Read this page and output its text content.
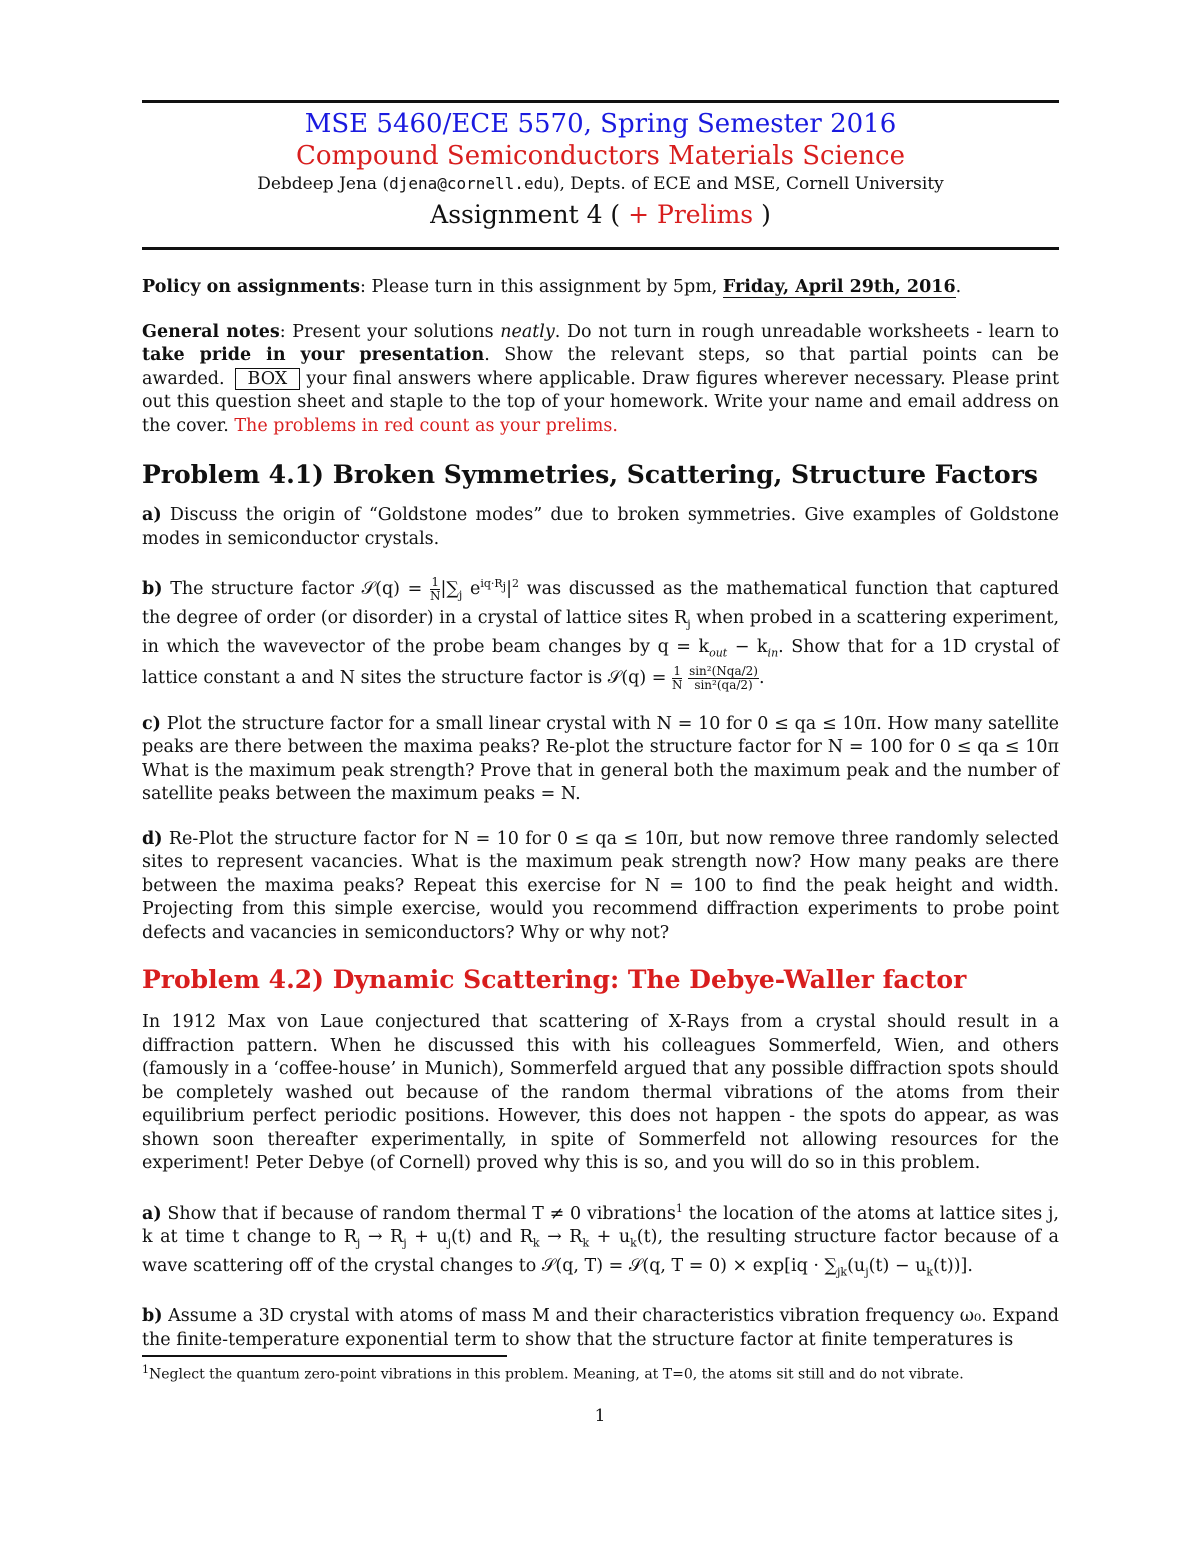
MSE 5460/ECE 5570, Spring Semester 2016
Compound Semiconductors Materials Science
Debdeep Jena (djena@cornell.edu), Depts. of ECE and MSE, Cornell University
Assignment 4 ( + Prelims )

Policy on assignments: Please turn in this assignment by 5pm, Friday, April 29th, 2016.

General notes: Present your solutions neatly. Do not turn in rough unreadable worksheets - learn to take pride in your presentation. Show the relevant steps, so that partial points can be awarded. BOX your final answers where applicable. Draw figures wherever necessary. Please print out this question sheet and staple to the top of your homework. Write your name and email address on the cover. The problems in red count as your prelims.

Problem 4.1) Broken Symmetries, Scattering, Structure Factors

a) Discuss the origin of “Goldstone modes” due to broken symmetries. Give examples of Goldstone modes in semiconductor crystals.

b) The structure factor 𝒮(q) = $\frac{1}{N} |\sum_j$ $e^{iq\cdot R_j}|^2$ was discussed as the mathematical function that captured the degree of order (or disorder) in a crystal of lattice sites $R_j$ when probed in a scattering experiment, in which the wavevector of the probe beam changes by $q = k_{out} - k_{in}$. Show that for a 1D crystal of lattice constant a and N sites the structure factor is 𝒮(q) = $\frac{1}{N}$
$\frac{\text{sin²(Nqa/2)}}{\text{sin²(qa/2)}}$ .

c) Plot the structure factor for a small linear crystal with N = 10 for 0 ≤ qa ≤ 10π. How many satellite peaks are there between the maxima peaks? Re-plot the structure factor for N = 100 for 0 ≤ qa ≤ 10π What is the maximum peak strength? Prove that in general both the maximum peak and the number of satellite peaks between the maximum peaks = N.

d) Re-Plot the structure factor for N = 10 for 0 ≤ qa ≤ 10π, but now remove three randomly selected sites to represent vacancies. What is the maximum peak strength now? How many peaks are there between the maxima peaks? Repeat this exercise for N = 100 to find the peak height and width. Projecting from this simple exercise, would you recommend diffraction experiments to probe point defects and vacancies in semiconductors? Why or why not?

Problem 4.2) Dynamic Scattering: The Debye-Waller factor

In 1912 Max von Laue conjectured that scattering of X-Rays from a crystal should result in a diffraction pattern. When he discussed this with his colleagues Sommerfeld, Wien, and others (famously in a ‘coffee-house’ in Munich), Sommerfeld argued that any possible diffraction spots should be completely washed out because of the random thermal vibrations of the atoms from their equilibrium perfect periodic positions. However, this does not happen - the spots do appear, as was shown soon thereafter experimentally, in spite of Sommerfeld not allowing resources for the experiment! Peter Debye (of Cornell) proved why this is so, and you will do so in this problem.

a) Show that if because of random thermal T ≠ 0 vibrations$^1$ the location of the atoms at lattice sites j, k at time t change to $R_j \to R_j + u_j(t)$ and $R_k \to R_k + u_k(t)$, the resulting structure factor because of a wave scattering off of the crystal changes to 𝒮(q, T) = 𝒮(q, $T = 0) \times \exp[iq \cdot \sum_{jk}(u_j(t) - u_k(t))]$.

b) Assume a 3D crystal with atoms of mass M and their characteristics vibration frequency ω₀. Expand the finite-temperature exponential term to show that the structure factor at finite temperatures is

$^1$Neglect the quantum zero-point vibrations in this problem. Meaning, at T=0, the atoms sit still and do not vibrate.
1
